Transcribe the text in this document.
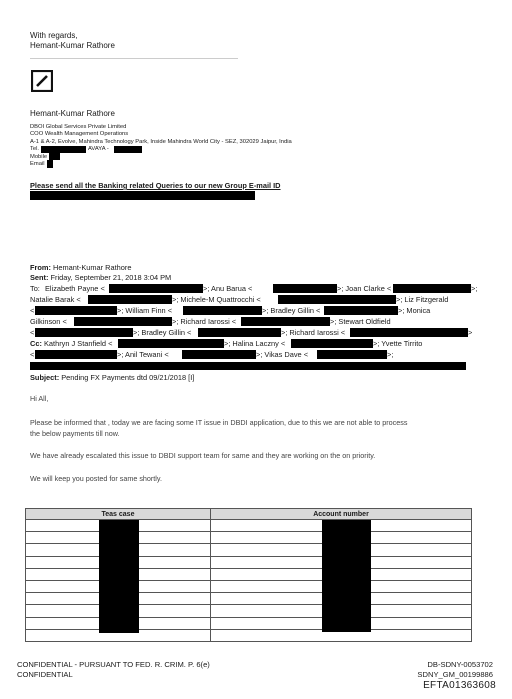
With regards,
Hemant-Kumar Rathore
Hemant-Kumar Rathore
DBOI Global Services Private Limited
COO Wealth Management Operations
A-1 & A-2, Evolve, Mahindra Technology Park, Inside Mahindra World City - SEZ, 302029 Jaipur, India
Tel.	AVAYA -
Mobile
Email
Please send all the Banking related Queries to our new Group E-mail ID
From: Hemant-Kumar Rathore
Sent: Friday, September 21, 2018 3:04 PM
To: Elizabeth Payne <	>; Anu Barua <	>; Joan Clarke <	>;
Natalie Barak <	>; Michele-M Quattrocchi <	>; Liz Fitzgerald
<	>; William Finn <	>; Bradley Gillin <	>; Monica
Gilkinson <	>; Richard Iarossi <	>; Stewart Oldfield
<	>; Bradley Gillin <	>; Richard Iarossi <	>
Cc: Kathryn J Stanfield <	>; Halina Laczny <	>; Yvette Tirrito
<	>; Anil Tewani <	>; Vikas Dave <	>;
Subject: Pending FX Payments dtd 09/21/2018 [I]
Hi All,
Please be informed that , today we are facing some IT issue in DBDI application, due to this we are not able to process
the below payments till now.
We have already escalated this issue to DBDI support team for same and they are working on the on priority.
We will keep you posted for same shortly.
Teas case	Account number

CONFIDENTIAL - PURSUANT TO FED. R. CRIM. P. 6(e)
CONFIDENTIAL
DB-SDNY-0053702
SDNY_GM_00199886
EFTA01363608
